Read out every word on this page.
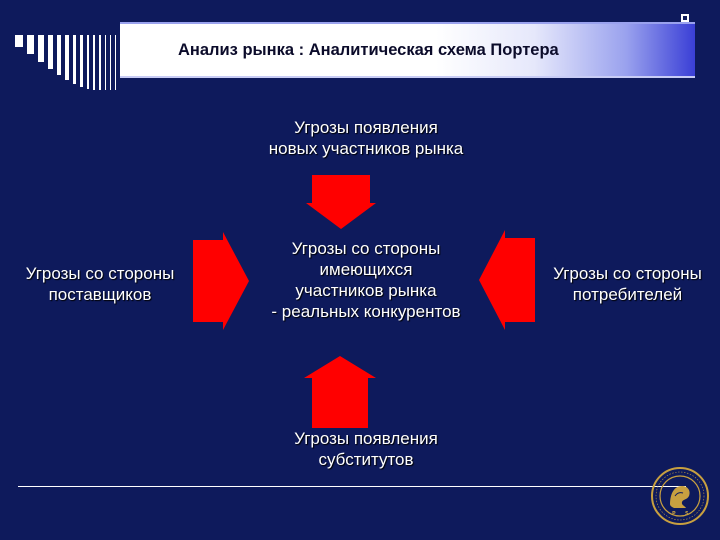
Анализ рынка : Аналитическая схема Портера
Угрозы появления
новых участников рынка
Угрозы со стороны
поставщиков
Угрозы со стороны
имеющихся
участников рынка
- реальных конкурентов
Угрозы со стороны
потребителей
Угрозы появления
субститутов
P S
